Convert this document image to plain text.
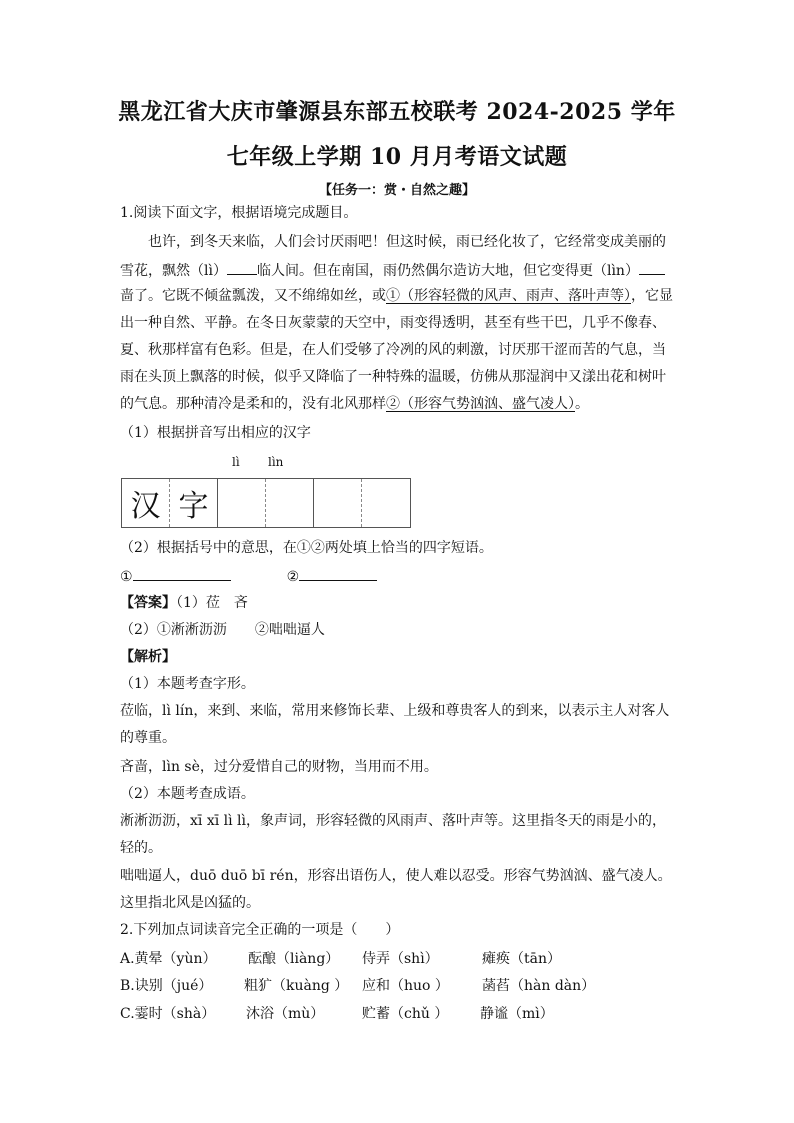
黑龙江省大庆市肇源县东部五校联考 2024-2025 学年
七年级上学期 10 月月考语文试题
【任务一：赏・自然之趣】
1.阅读下面文字，根据语境完成题目。
也许，到冬天来临，人们会讨厌雨吧！但这时候，雨已经化妆了，它经常变成美丽的
雪花，飘然（lì） 临人间。但在南国，雨仍然偶尔造访大地，但它变得更（lìn）
啬了。它既不倾盆瓢泼，又不绵绵如丝，或①（形容轻微的风声、雨声、落叶声等），它显
出一种自然、平静。在冬日灰蒙蒙的天空中，雨变得透明，甚至有些干巴，几乎不像春、
夏、秋那样富有色彩。但是，在人们受够了冷冽的风的刺激，讨厌那干涩而苦的气息，当
雨在头顶上飘落的时候，似乎又降临了一种特殊的温暖，仿佛从那湿润中又漾出花和树叶
的气息。那种清冷是柔和的，没有北风那样②（形容气势汹汹、盛气凌人）。
（1）根据拼音写出相应的汉字
lì lìn
汉 字
（2）根据括号中的意思，在①②两处填上恰当的四字短语。
①	②
【答案】（1）莅　吝
（2）①淅淅沥沥　　②咄咄逼人
【解析】
（1）本题考查字形。
莅临，lì lín，来到、来临，常用来修饰长辈、上级和尊贵客人的到来，以表示主人对客人
的尊重。
吝啬，lìn sè，过分爱惜自己的财物，当用而不用。
（2）本题考查成语。
淅淅沥沥，xī xī lì lì，象声词，形容轻微的风雨声、落叶声等。这里指冬天的雨是小的，
轻的。
咄咄逼人，duō duō bī rén，形容出语伤人，使人难以忍受。形容气势汹汹、盛气凌人。
这里指北风是凶猛的。
2.下列加点词读音完全正确的一项是（　　）
A.黄晕（yùn） 酝酿（liàng） 侍弄（shì）	瘫痪（tān）
B.诀别（jué） 粗犷（kuàng ） 应和（huo ） 菡萏（hàn dàn）
C.霎时（shà） 沐浴（mù）	贮蓄（chǔ ） 静谧（mì）
